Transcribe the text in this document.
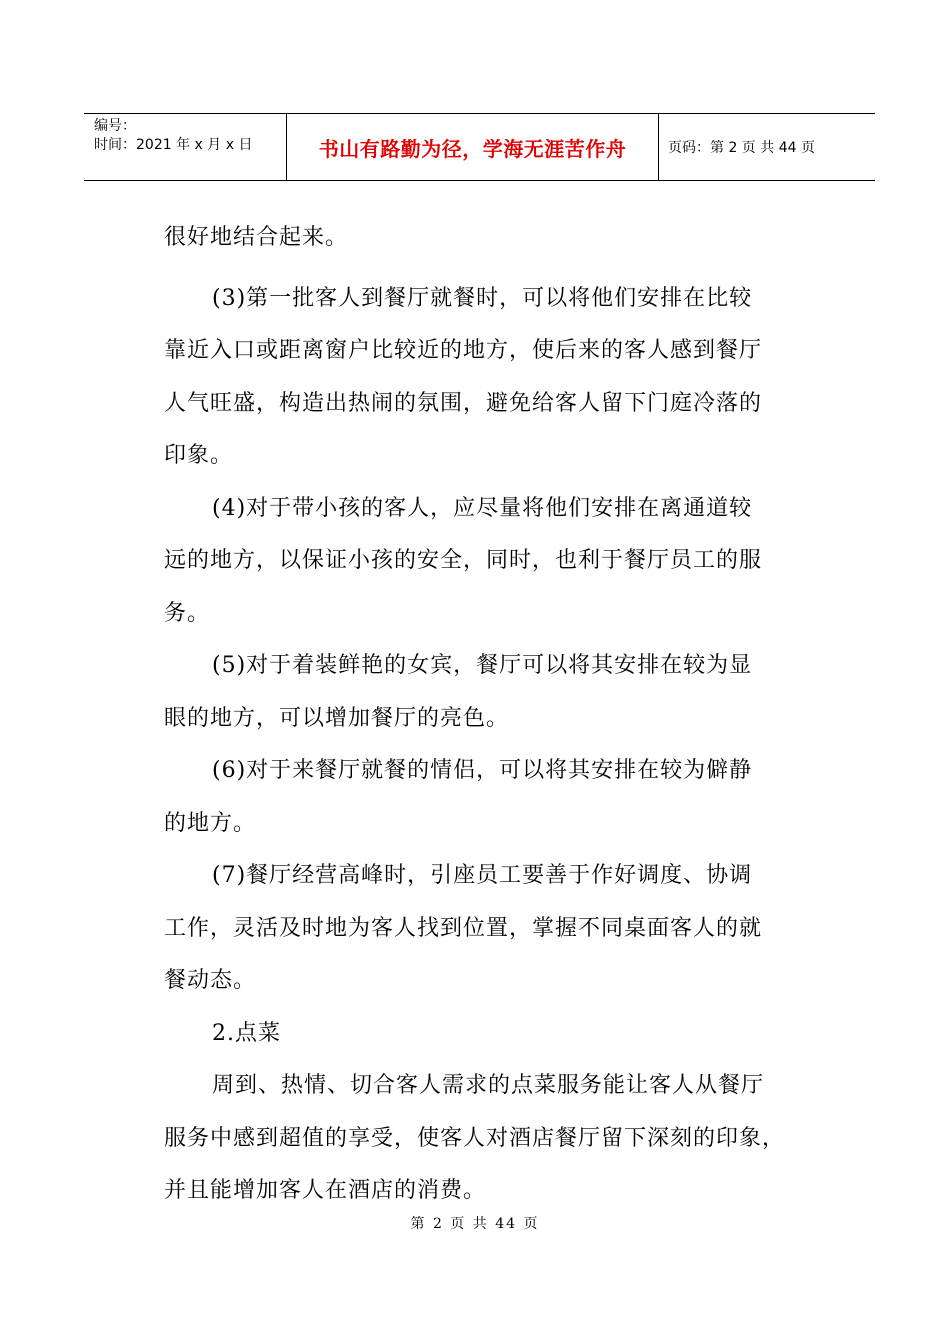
编号：
时间：2021 年 x 月 x 日	书山有路勤为径，学海无涯苦作舟	页码：第 2 页 共 44 页
很好地结合起来。
(3)第一批客人到餐厅就餐时，可以将他们安排在比较
靠近入口或距离窗户比较近的地方，使后来的客人感到餐厅
人气旺盛，构造出热闹的氛围，避免给客人留下门庭冷落的
印象。
(4)对于带小孩的客人，应尽量将他们安排在离通道较
远的地方，以保证小孩的安全，同时，也利于餐厅员工的服
务。
(5)对于着装鲜艳的女宾，餐厅可以将其安排在较为显
眼的地方，可以增加餐厅的亮色。
(6)对于来餐厅就餐的情侣，可以将其安排在较为僻静
的地方。
(7)餐厅经营高峰时，引座员工要善于作好调度、协调
工作，灵活及时地为客人找到位置，掌握不同桌面客人的就
餐动态。
2.点菜
周到、热情、切合客人需求的点菜服务能让客人从餐厅
服务中感到超值的享受，使客人对酒店餐厅留下深刻的印象，
并且能增加客人在酒店的消费。
第 2 页 共 44 页
